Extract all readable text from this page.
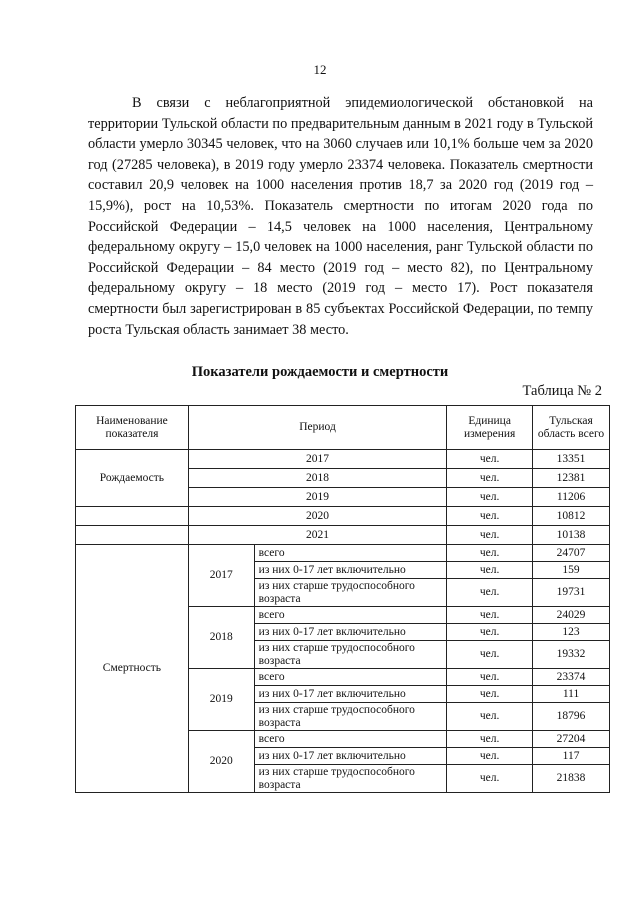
12

В связи с неблагоприятной эпидемиологической обстановкой на территории Тульской области по предварительным данным в 2021 году в Тульской области умерло 30345 человек, что на 3060 случаев или 10,1% больше чем за 2020 год (27285 человека), в 2019 году умерло 23374 человека. Показатель смертности составил 20,9 человек на 1000 населения против 18,7 за 2020 год (2019 год – 15,9%), рост на 10,53%. Показатель смертности по итогам 2020 года по Российской Федерации – 14,5 человек на 1000 населения, Центральному федеральному округу – 15,0 человек на 1000 населения, ранг Тульской области по Российской Федерации – 84 место (2019 год – место 82), по Центральному федеральному округу – 18 место (2019 год – место 17). Рост показателя смертности был зарегистрирован в 85 субъектах Российской Федерации, по темпу роста Тульская область занимает 38 место.

Показатели рождаемости и смертности
Таблица № 2
Наименование показателя	Период		Единица измерения	Тульская область всего
Рождаемость	2017		чел.	13351
	2018		чел.	12381
	2019		чел.	11206
	2020		чел.	10812
	2021		чел.	10138
Смертность	2017	всего	чел.	24707
		из них 0-17 лет включительно	чел.	159
		из них старше трудоспособного возраста	чел.	19731
	2018	всего	чел.	24029
		из них 0-17 лет включительно	чел.	123
		из них старше трудоспособного возраста	чел.	19332
	2019	всего	чел.	23374
		из них 0-17 лет включительно	чел.	111
		из них старше трудоспособного возраста	чел.	18796
	2020	всего	чел.	27204
		из них 0-17 лет включительно	чел.	117
		из них старше трудоспособного возраста	чел.	21838
